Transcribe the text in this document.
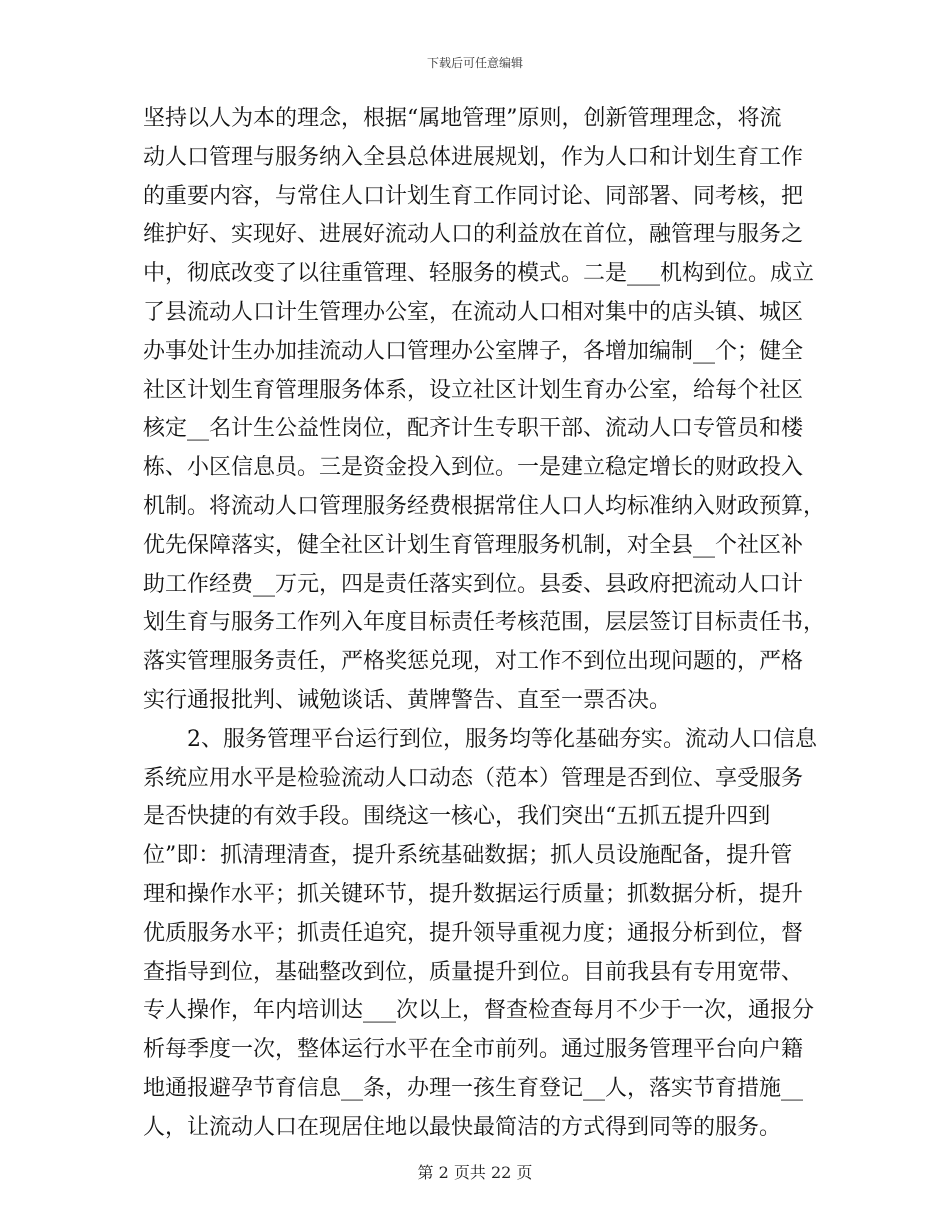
下载后可任意编辑
坚持以人为本的理念，根据“属地管理”原则，创新管理理念，将流
动人口管理与服务纳入全县总体进展规划，作为人口和计划生育工作
的重要内容，与常住人口计划生育工作同讨论、同部署、同考核，把
维护好、实现好、进展好流动人口的利益放在首位，融管理与服务之
中，彻底改变了以往重管理、轻服务的模式。二是___机构到位。成立
了县流动人口计生管理办公室，在流动人口相对集中的店头镇、城区
办事处计生办加挂流动人口管理办公室牌子，各增加编制__个；健全
社区计划生育管理服务体系，设立社区计划生育办公室，给每个社区
核定__名计生公益性岗位，配齐计生专职干部、流动人口专管员和楼
栋、小区信息员。三是资金投入到位。一是建立稳定增长的财政投入
机制。将流动人口管理服务经费根据常住人口人均标准纳入财政预算，
优先保障落实，健全社区计划生育管理服务机制，对全县__个社区补
助工作经费__万元，四是责任落实到位。县委、县政府把流动人口计
划生育与服务工作列入年度目标责任考核范围，层层签订目标责任书，
落实管理服务责任，严格奖惩兑现，对工作不到位出现问题的，严格
实行通报批判、诫勉谈话、黄牌警告、直至一票否决。
　　2、服务管理平台运行到位，服务均等化基础夯实。流动人口信息
系统应用水平是检验流动人口动态（范本）管理是否到位、享受服务
是否快捷的有效手段。围绕这一核心，我们突出“五抓五提升四到
位”即：抓清理清查，提升系统基础数据；抓人员设施配备，提升管
理和操作水平；抓关键环节，提升数据运行质量；抓数据分析，提升
优质服务水平；抓责任追究，提升领导重视力度；通报分析到位，督
查指导到位，基础整改到位，质量提升到位。目前我县有专用宽带、
专人操作，年内培训达___次以上，督查检查每月不少于一次，通报分
析每季度一次，整体运行水平在全市前列。通过服务管理平台向户籍
地通报避孕节育信息__条，办理一孩生育登记__人，落实节育措施__
人，让流动人口在现居住地以最快最简洁的方式得到同等的服务。
第 2 页共 22 页
